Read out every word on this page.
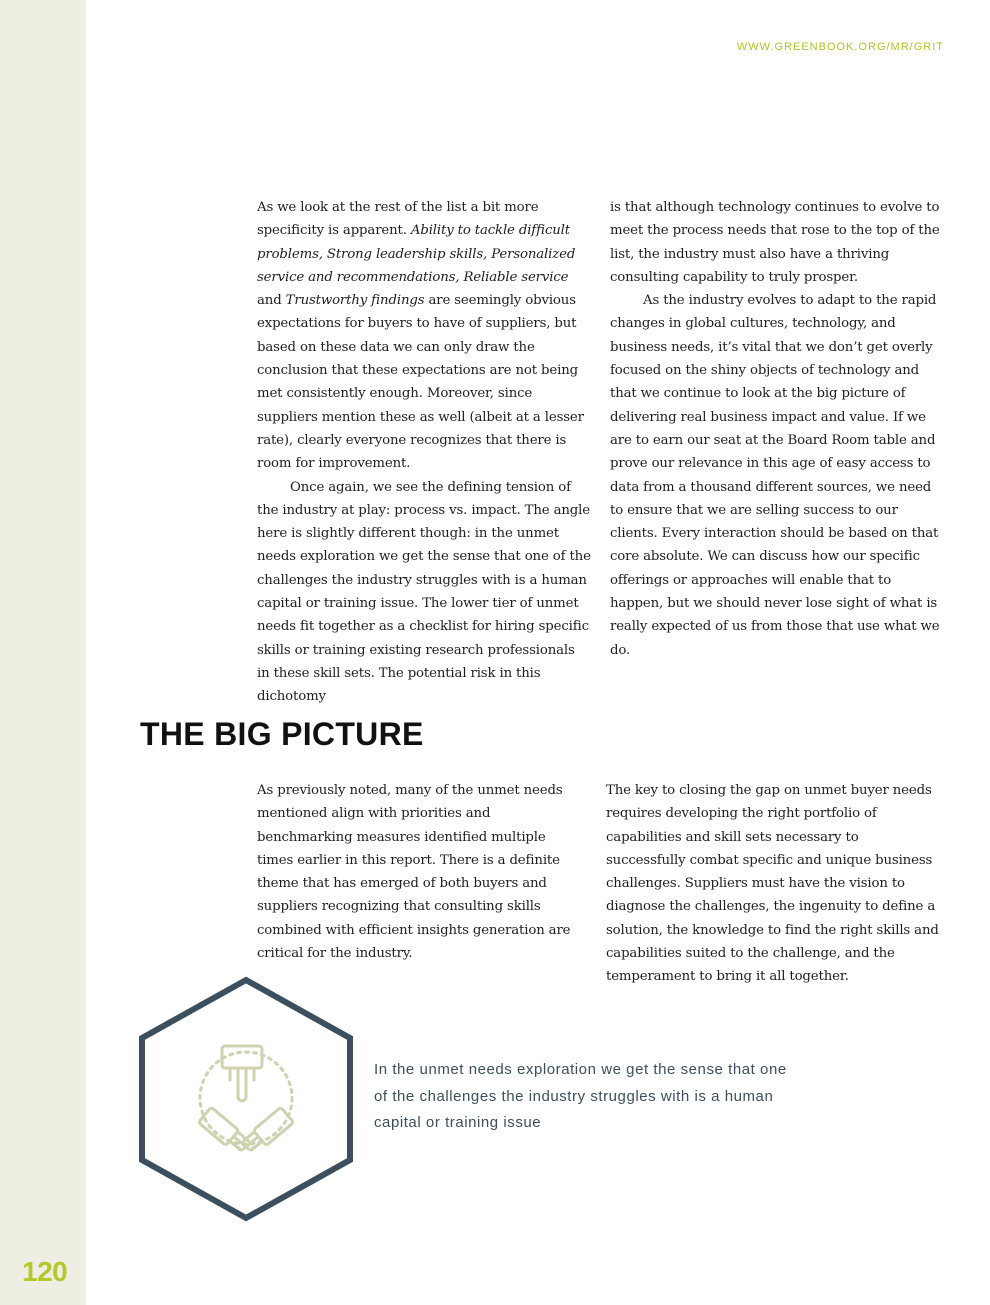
120
WWW.GREENBOOK.ORG/MR/GRIT

As we look at the rest of the list a bit more specificity is apparent. Ability to tackle difficult problems, Strong leadership skills, Personalized service and recommendations, Reliable service and Trustworthy findings are seemingly obvious expectations for buyers to have of suppliers, but based on these data we can only draw the conclusion that these expectations are not being met consistently enough. Moreover, since suppliers mention these as well (albeit at a lesser rate), clearly everyone recognizes that there is room for improvement.

Once again, we see the defining tension of the industry at play: process vs. impact. The angle here is slightly different though: in the unmet needs exploration we get the sense that one of the challenges the industry struggles with is a human capital or training issue. The lower tier of unmet needs fit together as a checklist for hiring specific skills or training existing research professionals in these skill sets. The potential risk in this dichotomy

is that although technology continues to evolve to meet the process needs that rose to the top of the list, the industry must also have a thriving consulting capability to truly prosper.

As the industry evolves to adapt to the rapid changes in global cultures, technology, and business needs, it’s vital that we don’t get overly focused on the shiny objects of technology and that we continue to look at the big picture of delivering real business impact and value. If we are to earn our seat at the Board Room table and prove our relevance in this age of easy access to data from a thousand different sources, we need to ensure that we are selling success to our clients. Every interaction should be based on that core absolute. We can discuss how our specific offerings or approaches will enable that to happen, but we should never lose sight of what is really expected of us from those that use what we do.

THE BIG PICTURE

As previously noted, many of the unmet needs mentioned align with priorities and benchmarking measures identified multiple times earlier in this report. There is a definite theme that has emerged of both buyers and suppliers recognizing that consulting skills combined with efficient insights generation are critical for the industry.

The key to closing the gap on unmet buyer needs requires developing the right portfolio of capabilities and skill sets necessary to successfully combat specific and unique business challenges. Suppliers must have the vision to diagnose the challenges, the ingenuity to define a solution, the knowledge to find the right skills and capabilities suited to the challenge, and the temperament to bring it all together.

In the unmet needs exploration we get the sense that one of the challenges the industry struggles with is a human capital or training issue
